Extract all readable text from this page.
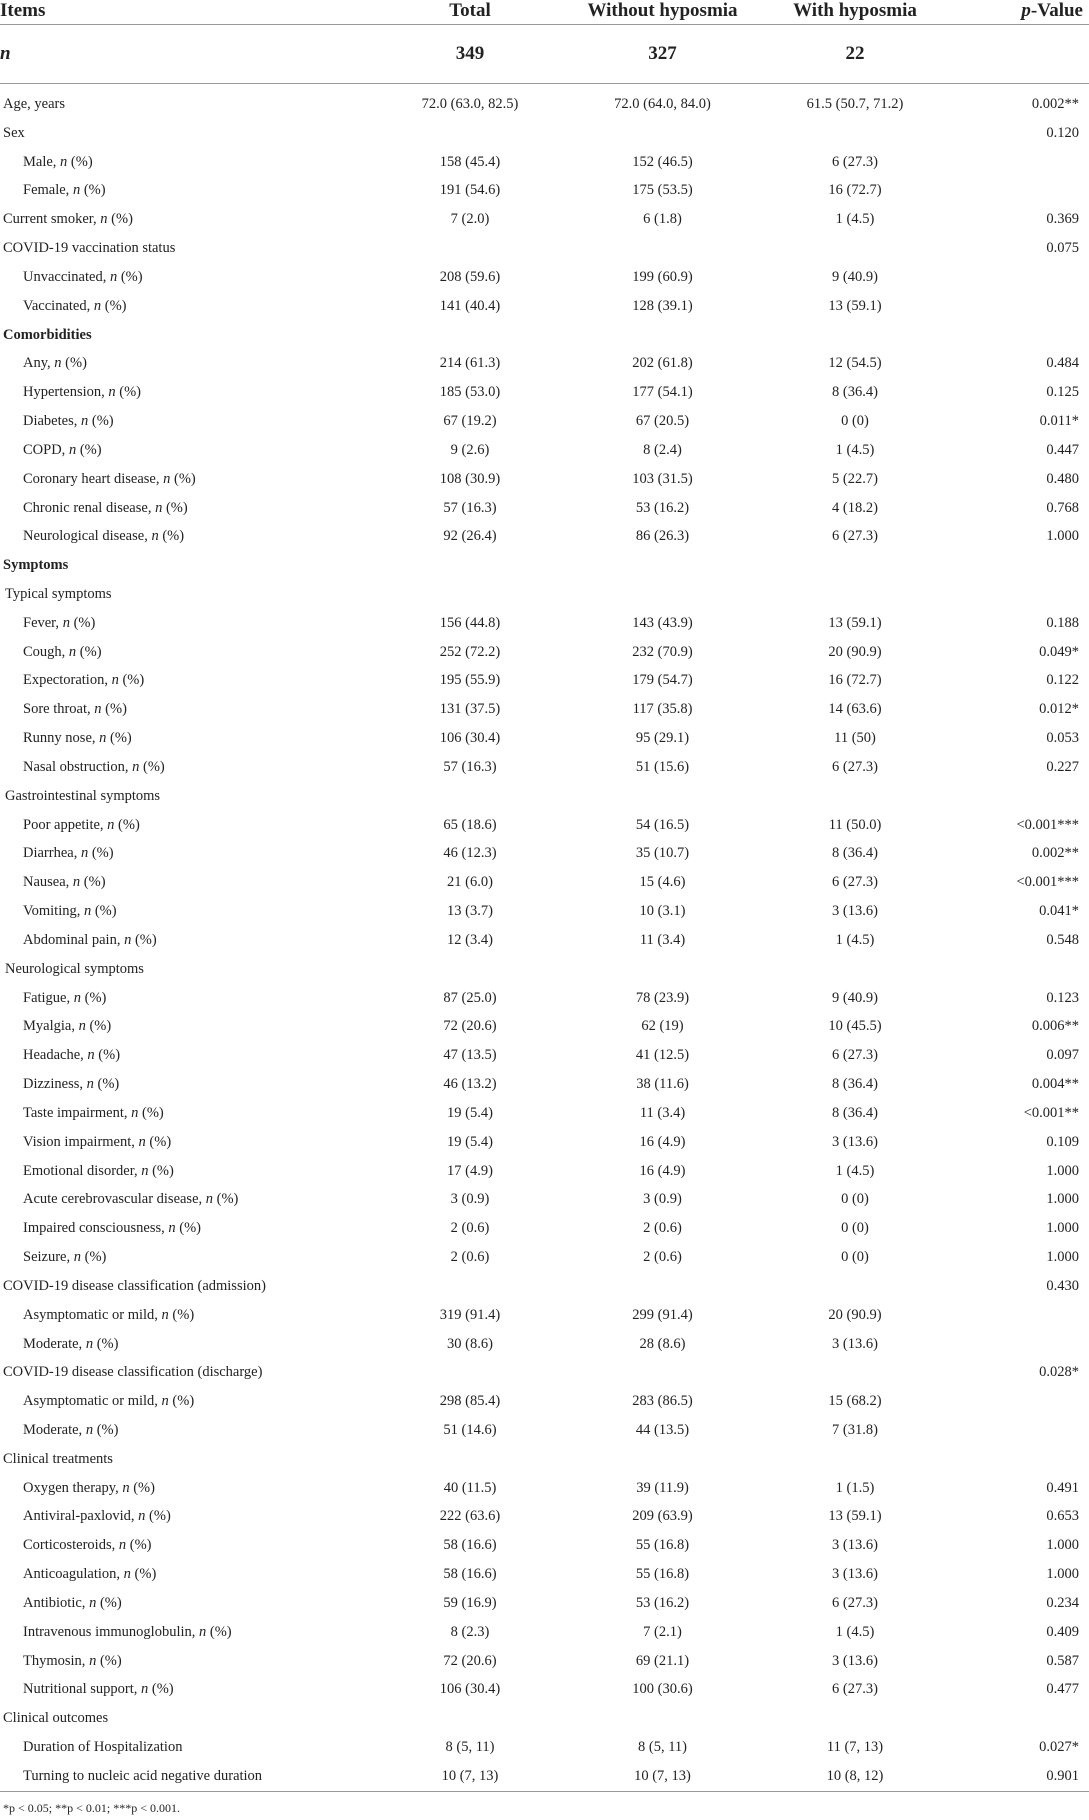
Items	Total	Without hyposmia	With hyposmia	p-Value
n	349	327	22	
Age, years	72.0 (63.0, 82.5)	72.0 (64.0, 84.0)	61.5 (50.7, 71.2)	0.002**
Sex				0.120
Male, n (%)	158 (45.4)	152 (46.5)	6 (27.3)	
Female, n (%)	191 (54.6)	175 (53.5)	16 (72.7)	
Current smoker, n (%)	7 (2.0)	6 (1.8)	1 (4.5)	0.369
COVID-19 vaccination status				0.075
Unvaccinated, n (%)	208 (59.6)	199 (60.9)	9 (40.9)	
Vaccinated, n (%)	141 (40.4)	128 (39.1)	13 (59.1)	
Comorbidities				
Any, n (%)	214 (61.3)	202 (61.8)	12 (54.5)	0.484
Hypertension, n (%)	185 (53.0)	177 (54.1)	8 (36.4)	0.125
Diabetes, n (%)	67 (19.2)	67 (20.5)	0 (0)	0.011*
COPD, n (%)	9 (2.6)	8 (2.4)	1 (4.5)	0.447
Coronary heart disease, n (%)	108 (30.9)	103 (31.5)	5 (22.7)	0.480
Chronic renal disease, n (%)	57 (16.3)	53 (16.2)	4 (18.2)	0.768
Neurological disease, n (%)	92 (26.4)	86 (26.3)	6 (27.3)	1.000
Symptoms				
Typical symptoms				
Fever, n (%)	156 (44.8)	143 (43.9)	13 (59.1)	0.188
Cough, n (%)	252 (72.2)	232 (70.9)	20 (90.9)	0.049*
Expectoration, n (%)	195 (55.9)	179 (54.7)	16 (72.7)	0.122
Sore throat, n (%)	131 (37.5)	117 (35.8)	14 (63.6)	0.012*
Runny nose, n (%)	106 (30.4)	95 (29.1)	11 (50)	0.053
Nasal obstruction, n (%)	57 (16.3)	51 (15.6)	6 (27.3)	0.227
Gastrointestinal symptoms				
Poor appetite, n (%)	65 (18.6)	54 (16.5)	11 (50.0)	<0.001***
Diarrhea, n (%)	46 (12.3)	35 (10.7)	8 (36.4)	0.002**
Nausea, n (%)	21 (6.0)	15 (4.6)	6 (27.3)	<0.001***
Vomiting, n (%)	13 (3.7)	10 (3.1)	3 (13.6)	0.041*
Abdominal pain, n (%)	12 (3.4)	11 (3.4)	1 (4.5)	0.548
Neurological symptoms				
Fatigue, n (%)	87 (25.0)	78 (23.9)	9 (40.9)	0.123
Myalgia, n (%)	72 (20.6)	62 (19)	10 (45.5)	0.006**
Headache, n (%)	47 (13.5)	41 (12.5)	6 (27.3)	0.097
Dizziness, n (%)	46 (13.2)	38 (11.6)	8 (36.4)	0.004**
Taste impairment, n (%)	19 (5.4)	11 (3.4)	8 (36.4)	<0.001**
Vision impairment, n (%)	19 (5.4)	16 (4.9)	3 (13.6)	0.109
Emotional disorder, n (%)	17 (4.9)	16 (4.9)	1 (4.5)	1.000
Acute cerebrovascular disease, n (%)	3 (0.9)	3 (0.9)	0 (0)	1.000
Impaired consciousness, n (%)	2 (0.6)	2 (0.6)	0 (0)	1.000
Seizure, n (%)	2 (0.6)	2 (0.6)	0 (0)	1.000
COVID-19 disease classification (admission)				0.430
Asymptomatic or mild, n (%)	319 (91.4)	299 (91.4)	20 (90.9)	
Moderate, n (%)	30 (8.6)	28 (8.6)	3 (13.6)	
COVID-19 disease classification (discharge)				0.028*
Asymptomatic or mild, n (%)	298 (85.4)	283 (86.5)	15 (68.2)	
Moderate, n (%)	51 (14.6)	44 (13.5)	7 (31.8)	
Clinical treatments				
Oxygen therapy, n (%)	40 (11.5)	39 (11.9)	1 (1.5)	0.491
Antiviral-paxlovid, n (%)	222 (63.6)	209 (63.9)	13 (59.1)	0.653
Corticosteroids, n (%)	58 (16.6)	55 (16.8)	3 (13.6)	1.000
Anticoagulation, n (%)	58 (16.6)	55 (16.8)	3 (13.6)	1.000
Antibiotic, n (%)	59 (16.9)	53 (16.2)	6 (27.3)	0.234
Intravenous immunoglobulin, n (%)	8 (2.3)	7 (2.1)	1 (4.5)	0.409
Thymosin, n (%)	72 (20.6)	69 (21.1)	3 (13.6)	0.587
Nutritional support, n (%)	106 (30.4)	100 (30.6)	6 (27.3)	0.477
Clinical outcomes				
Duration of Hospitalization	8 (5, 11)	8 (5, 11)	11 (7, 13)	0.027*
Turning to nucleic acid negative duration	10 (7, 13)	10 (7, 13)	10 (8, 12)	0.901
*p < 0.05; **p < 0.01; ***p < 0.001.
